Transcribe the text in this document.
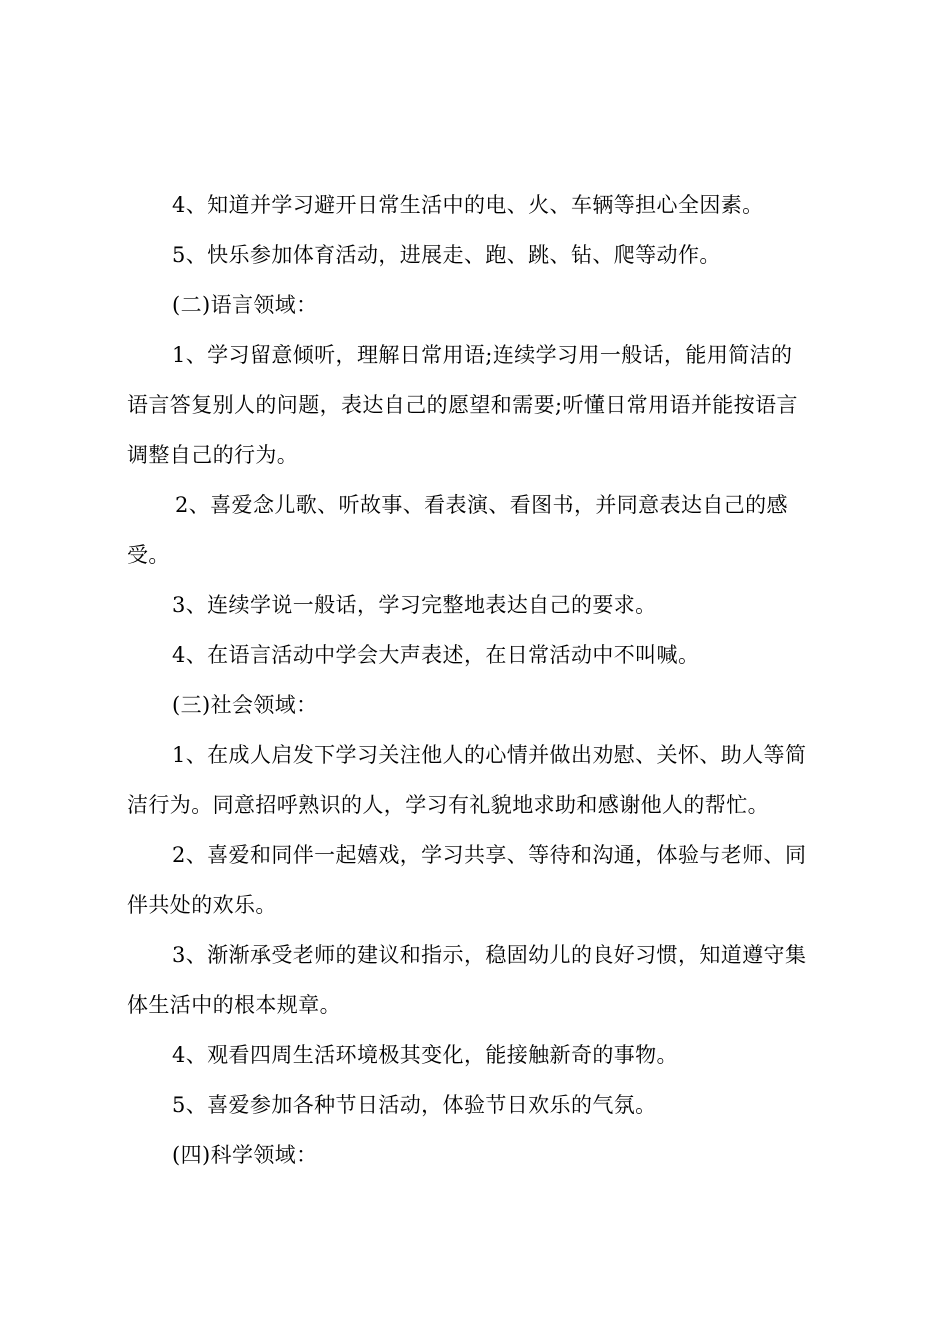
4、知道并学习避开日常生活中的电、火、车辆等担心全因素。
5、快乐参加体育活动，进展走、跑、跳、钻、爬等动作。
(二)语言领域：
1、学习留意倾听，理解日常用语;连续学习用一般话，能用简洁的
语言答复别人的问题，表达自己的愿望和需要;听懂日常用语并能按语言
调整自己的行为。
2、喜爱念儿歌、听故事、看表演、看图书，并同意表达自己的感
受。
3、连续学说一般话，学习完整地表达自己的要求。
4、在语言活动中学会大声表述，在日常活动中不叫喊。
(三)社会领域：
1、在成人启发下学习关注他人的心情并做出劝慰、关怀、助人等简
洁行为。同意招呼熟识的人，学习有礼貌地求助和感谢他人的帮忙。
2、喜爱和同伴一起嬉戏，学习共享、等待和沟通，体验与老师、同
伴共处的欢乐。
3、渐渐承受老师的建议和指示，稳固幼儿的良好习惯，知道遵守集
体生活中的根本规章。
4、观看四周生活环境极其变化，能接触新奇的事物。
5、喜爱参加各种节日活动，体验节日欢乐的气氛。
(四)科学领域：
